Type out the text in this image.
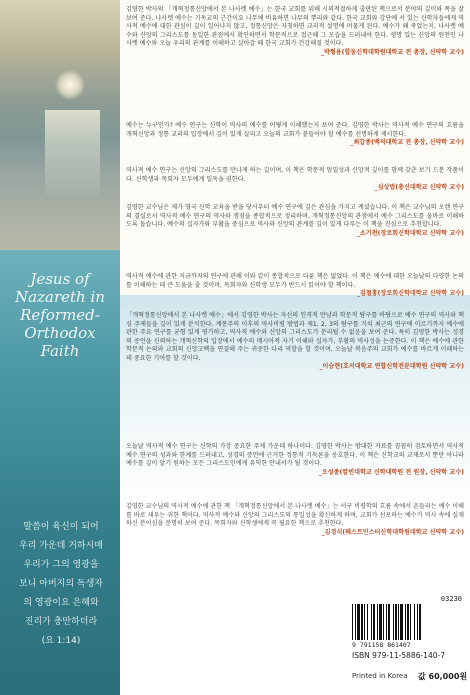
Jesus of Nazareth in Reformed-Orthodox Faith
말씀이 육신이 되어 우리 가운데 거하시매 우리가 그의 영광을 보니 아버지의 독생자의 영광이요 은혜와 진리가 충만하더라 (요 1:14)

김영한 박사의 「개혁정통신앙에서 본 나사렛 예수」는 한국 교회를 위해 시의적절하게 출판된 책으로서 분야의 깊이와 폭을 잘 보여 준다. 나사렛 예수는 기독교의 근간이요 나무에 비유하면 나무의 뿌리와 같다. 한국 교회와 강단에 서 있는 신학자들에게 역사적 예수에 대한 관심이 깊이 일어나지 않고, 정통신앙은 자칫하면 교리적 설명에 머물게 된다. 예수가 왜 죽었는지, 나사렛 예수와 신앙의 그리스도를 동일한 관점에서 확인하면서 학문적으로 접근해 그 모습을 드러내야 한다. 생명 있는 신앙의 원천인 나사렛 예수와 오늘 우리의 관계를 이해하고 살아갈 때 한국 교회가 건강해질 것이다.

_박형용(합동신학대학원대학교 전 총장, 신약학 교수)

예수는 누구인가? 예수 연구는 신학이 역사의 예수를 어떻게 이해했는지 보여 준다. 김영한 박사는 역사적 예수 연구의 흐름을 개혁신앙과 정통 교리의 입장에서 깊이 있게 살피고 오늘의 교회가 붙들어야 할 예수를 선명하게 제시한다.

_최갑종(백석대학교 전 총장, 신약학 교수)

역사적 예수 연구는 신앙의 그리스도를 만나게 하는 길이며, 이 책은 학문적 엄밀성과 신앙적 깊이를 함께 갖춘 보기 드문 작품이다. 신학생과 목회자 모두에게 일독을 권한다.

_심상법(총신대학교 신약학 교수)

김영한 교수님은 제가 영국 신학 교육을 받을 당시부터 예수 연구에 깊은 관심을 가지고 계셨습니다. 이 책은 교수님의 오랜 연구의 결실로서 역사적 예수 연구의 역사와 쟁점을 종합적으로 정리하며, 개혁정통신앙의 관점에서 예수 그리스도를 올바로 이해하도록 돕습니다. 예수의 십자가와 부활을 중심으로 역사와 신앙의 관계를 깊이 있게 다루는 이 책을 진심으로 추천합니다.

_소기천(장로회신학대학교 신약학 교수)

역사적 예수에 관한 지금까지의 연구에 관해 이와 같이 종합적으로 다룬 책은 없었다. 이 책은 예수에 대한 오늘날의 다양한 논의를 이해하는 데 큰 도움을 줄 것이며, 목회자와 신학생 모두가 반드시 읽어야 할 책이다.

_김철홍(장로회신학대학교 신약학 교수)

「개혁정통신앙에서 본 나사렛 예수」에서 김영한 박사는 자신의 인격적 만남과 학문적 탐구를 바탕으로 예수 연구의 역사와 핵심 주제들을 깊이 있게 분석한다. 계몽주의 이후의 역사비평 방법과 제1, 2, 3의 탐구를 거쳐 최근의 연구에 이르기까지 예수에 관한 주요 연구를 균형 있게 평가하고, 역사적 예수와 신앙의 그리스도가 분리될 수 없음을 보여 준다. 특히 김영한 박사는 성경의 증언을 신뢰하는 개혁신학의 입장에서 예수의 메시아적 자기 이해와 십자가, 부활의 역사성을 논증한다. 이 책은 예수에 관한 학문적 논의와 교회의 신앙고백을 연결해 주는 귀중한 다리 역할을 할 것이며, 오늘날 복음주의 교회가 예수를 바르게 이해하는 데 중요한 기여를 할 것이다.

_이승현(호서대학교 연합신학전문대학원 신약학 교수)

오늘날 역사적 예수 연구는 신학의 가장 중요한 주제 가운데 하나이다. 김영한 박사는 방대한 자료를 꼼꼼히 검토하면서 역사적 예수 연구의 성과와 한계를 드러내고, 성경의 증언에 근거한 정통적 기독론을 옹호한다. 이 책은 신학교의 교재로서 뿐만 아니라 예수를 깊이 알기 원하는 모든 그리스도인에게 유익한 안내서가 될 것이다.

_오성종(칼빈대학교 신학대학원 전 원장, 신약학 교수)

김영한 교수님의 역사적 예수에 관한 책 「개혁정통신앙에서 본 나사렛 예수」는 서구 비평학의 흐름 속에서 흔들리는 예수 이해를 바로 세우는 귀한 책이다. 역사적 예수와 신앙의 그리스도의 통일성을 확신하게 하며, 교회가 선포하는 예수가 역사 속에 실재하신 분이심을 분명히 보여 준다. 목회자와 신학생에게 꼭 필요한 책으로 추천한다.

_김경식(웨스트민스터신학대학원대학교 신약학 교수)
03230
9 791158 861407
ISBN 979-11-5886-140-7
Printed in Korea 값 60,000원
